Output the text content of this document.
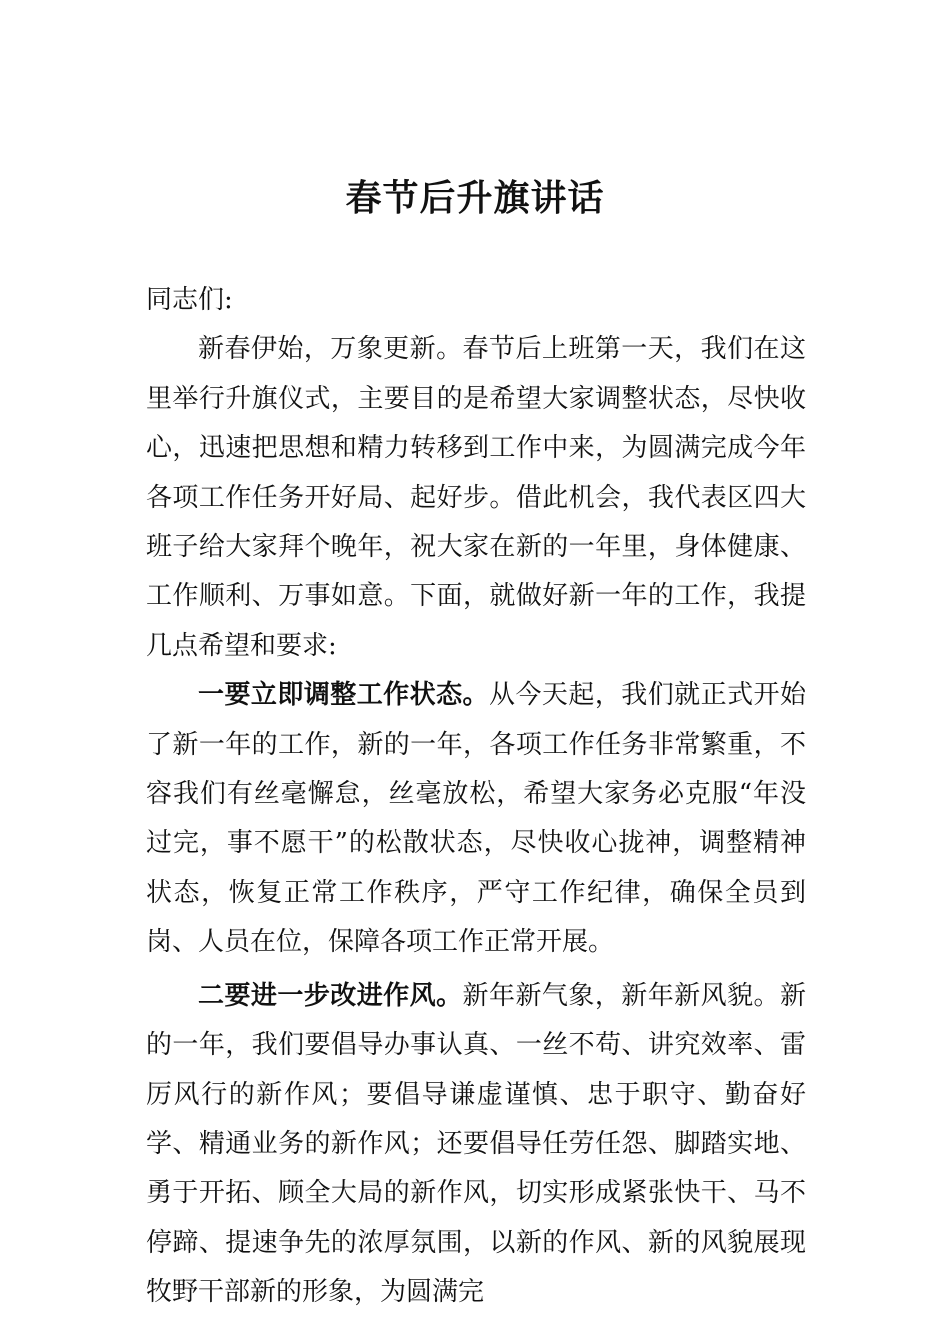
春节后升旗讲话

同志们:

新春伊始，万象更新。春节后上班第一天，我们在这里举行升旗仪式，主要目的是希望大家调整状态，尽快收心，迅速把思想和精力转移到工作中来，为圆满完成今年各项工作任务开好局、起好步。借此机会，我代表区四大班子给大家拜个晚年，祝大家在新的一年里，身体健康、工作顺利、万事如意。下面，就做好新一年的工作，我提几点希望和要求:

一要立即调整工作状态。从今天起，我们就正式开始了新一年的工作，新的一年，各项工作任务非常繁重，不容我们有丝毫懈怠，丝毫放松，希望大家务必克服“年没过完，事不愿干”的松散状态，尽快收心拢神，调整精神状态，恢复正常工作秩序，严守工作纪律，确保全员到岗、人员在位，保障各项工作正常开展。

二要进一步改进作风。新年新气象，新年新风貌。新的一年，我们要倡导办事认真、一丝不苟、讲究效率、雷厉风行的新作风；要倡导谦虚谨慎、忠于职守、勤奋好学、精通业务的新作风；还要倡导任劳任怨、脚踏实地、勇于开拓、顾全大局的新作风，切实形成紧张快干、马不停蹄、提速争先的浓厚氛围，以新的作风、新的风貌展现牧野干部新的形象，为圆满完
